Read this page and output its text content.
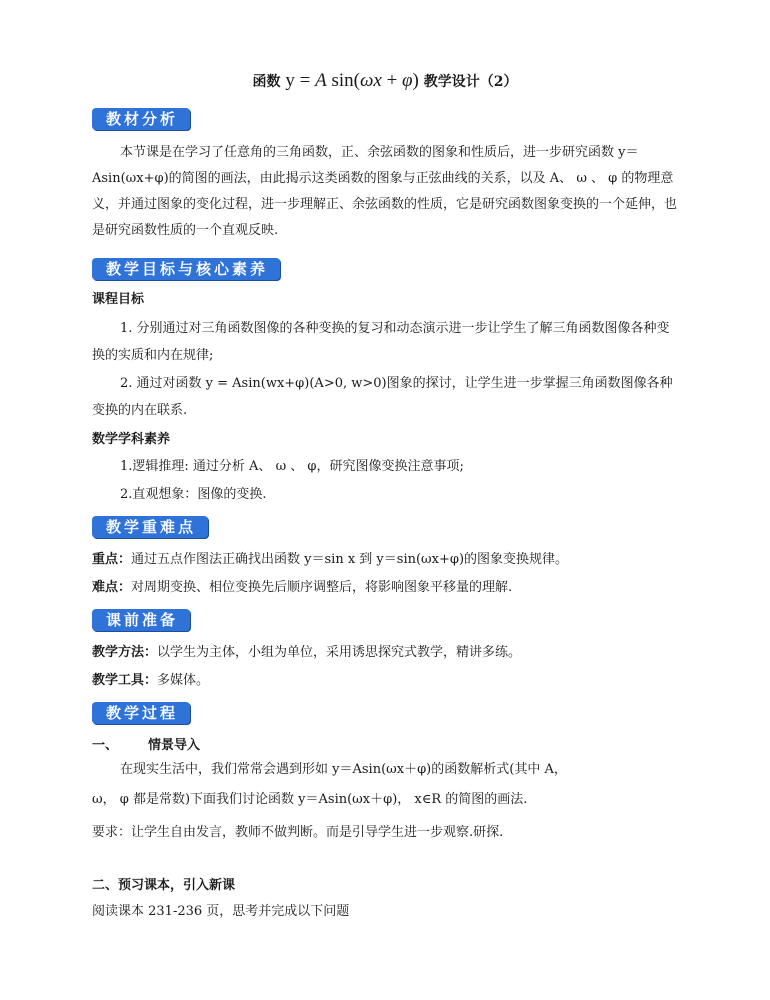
函数 y = A sin(ωx + φ) 教学设计（2）
教材分析
本节课是在学习了任意角的三角函数，正、余弦函数的图象和性质后，进一步研究函数 y＝Asin(ωx+φ)的简图的画法，由此揭示这类函数的图象与正弦曲线的关系，以及 A、 ω 、 φ 的物理意义，并通过图象的变化过程，进一步理解正、余弦函数的性质，它是研究函数图象变换的一个延伸，也是研究函数性质的一个直观反映.
教学目标与核心素养
课程目标
1. 分别通过对三角函数图像的各种变换的复习和动态演示进一步让学生了解三角函数图像各种变换的实质和内在规律;
2. 通过对函数 y = Asin(wx+φ)(A>0, w>0)图象的探讨，让学生进一步掌握三角函数图像各种变换的内在联系.
数学学科素养
1.逻辑推理: 通过分析 A、 ω 、 φ，研究图像变换注意事项;
2.直观想象：图像的变换.
教学重难点
重点：通过五点作图法正确找出函数 y＝sin x 到 y＝sin(ωx+φ)的图象变换规律。
难点：对周期变换、相位变换先后顺序调整后，将影响图象平移量的理解.
课前准备
教学方法：以学生为主体，小组为单位，采用诱思探究式教学，精讲多练。
教学工具：多媒体。
教学过程
一、 情景导入
在现实生活中，我们常常会遇到形如 y＝Asin(ωx＋φ)的函数解析式(其中 A，
ω， φ 都是常数)下面我们讨论函数 y＝Asin(ωx＋φ)， x∈R 的简图的画法.
要求：让学生自由发言，教师不做判断。而是引导学生进一步观察.研探.
二、预习课本，引入新课
阅读课本 231-236 页，思考并完成以下问题
